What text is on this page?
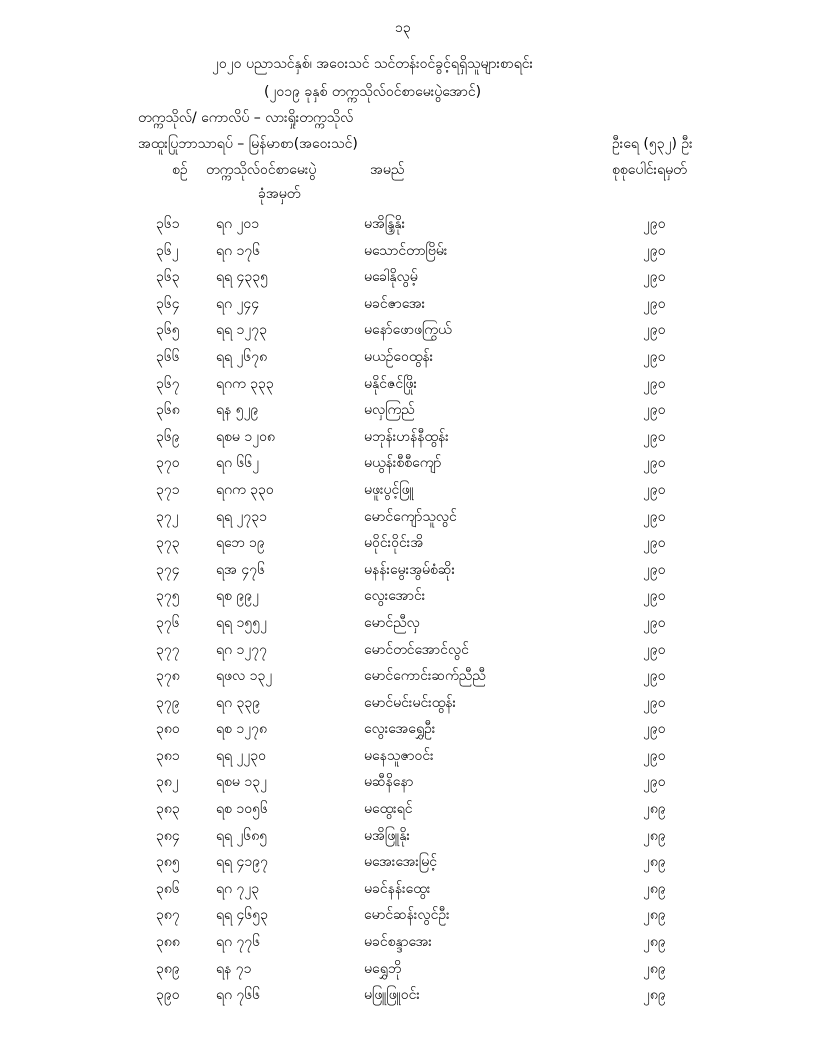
၁၃
၂၀၂၀ ပညာသင်နှစ်၊ အဝေးသင် သင်တန်းဝင်ခွင့်ရရှိသူများစာရင်း
(၂၀၁၉ ခုနှစ် တက္ကသိုလ်ဝင်စာမေးပွဲအောင်)
တက္ကသိုလ်/ ကောလိပ် – လားရှိုးတက္ကသိုလ်
အထူးပြုဘာသာရပ် – မြန်မာစာ(အဝေးသင်)	ဦးရေ (၅၃၂) ဦး
စဉ် တက္ကသိုလ်ဝင်စာမေးပွဲ
ခုံအမှတ်
အမည်	စုစုပေါင်းရမှတ်
၃၆၁	ရဂ ၂၀၁	မအိန္ဒြနိုး	၂၉၀
၃၆၂	ရဂ ၁၇၆	မသောင်တာဗြိမ်း	၂၉၀
၃၆၃	ရရ ၄၃၃၅	မခေါနိုလွမ့်	၂၉၀
၃၆၄	ရဂ ၂၄၄	မခင်ဇာအေး	၂၉၀
၃၆၅	ရရ ၁၂၇၃	မနော်ဖောဖကြွယ်	၂၉၀
၃၆၆	ရရ ၂၆၇၈	မယဉ်ဝေထွန်း	၂၉၀
၃၆၇	ရဂက ၃၃၃	မနိုင်ဇင်ဖြိုး	၂၉၀
၃၆၈	ရန ၅၂၉	မလှကြည်	၂၉၀
၃၆၉	ရစမ ၁၂၀၈	မဘုန်းဟန်နီထွန်း	၂၉၀
၃၇၀	ရဂ ၆၆၂	မယွန်းစီစီကျော်	၂၉၀
၃၇၁	ရဂက ၃၃၀	မဖူးပွင့်ဖြူ	၂၉၀
၃၇၂	ရရ ၂၇၃၁	မောင်ကျော်သူလွင်	၂၉၀
၃၇၃	ရဘေ ၁၉	မဝိုင်းဝိုင်းအိ	၂၉၀
၃၇၄	ရအ ၄၇၆	မနန်းမွေးအွမ်စံဆိုး	၂၉၀
၃၇၅	ရစ ၉၉၂	လွေးအောင်း	၂၉၀
၃၇၆	ရရ ၁၅၅၂	မောင်ညီလှ	၂၉၀
၃၇၇	ရဂ ၁၂၇၇	မောင်တင်အောင်လွင်	၂၉၀
၃၇၈	ရဖလ ၁၃၂	မောင်ကောင်းဆက်ညီညီ	၂၉၀
၃၇၉	ရဂ ၃၃၉	မောင်မင်းမင်းထွန်း	၂၉၀
၃၈၀	ရစ ၁၂၇၈	လွေးအေရွှေဦး	၂၉၀
၃၈၁	ရရ ၂၂၃၀	မနေသူဇာဝင်း	၂၉၀
၃၈၂	ရစမ ၁၃၂	မဆီနိနော	၂၉၀
၃၈၃	ရစ ၁၀၅၆	မထွေးရင်	၂၈၉
၃၈၄	ရရ ၂၆၈၅	မအိဖြူနိုး	၂၈၉
၃၈၅	ရရ ၄၁၉၇	မအေးအေးမြင့်	၂၈၉
၃၈၆	ရဂ ၇၂၃	မခင်နန်းထွေး	၂၈၉
၃၈၇	ရရ ၄၆၅၃	မောင်ဆန်းလွင်ဦး	၂၈၉
၃၈၈	ရဂ ၇၇၆	မခင်စန္ဒာအေး	၂၈၉
၃၈၉	ရန ၇၁	မရွှေဘို	၂၈၉
၃၉၀	ရဂ ၇၆၆	မဖြူဖြူဝင်း	၂၈၉
